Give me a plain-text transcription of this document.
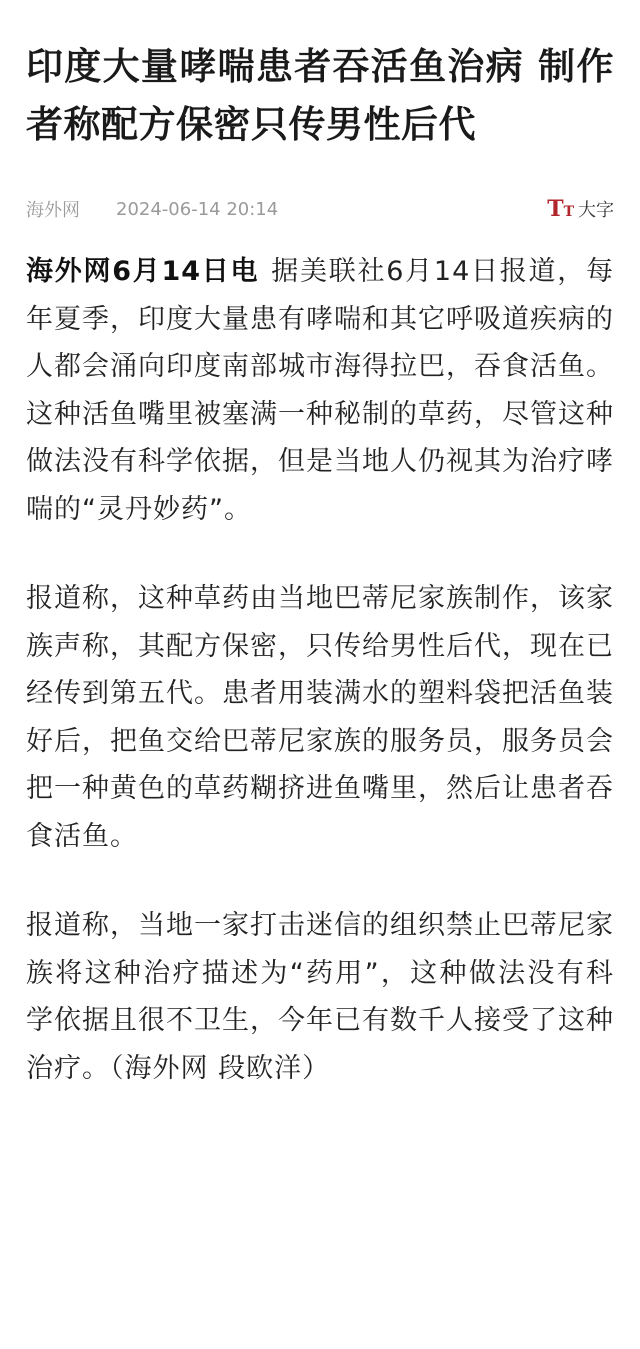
印度大量哮喘患者吞活鱼治病 制作者称配方保密只传男性后代
海外网 2024-06-14 20:14	T T 大字

海外网6月14日电 据美联社6月14日报道，每年夏季，印度大量患有哮喘和其它呼吸道疾病的人都会涌向印度南部城市海得拉巴，吞食活鱼。这种活鱼嘴里被塞满一种秘制的草药，尽管这种做法没有科学依据，但是当地人仍视其为治疗哮喘的“灵丹妙药”。

报道称，这种草药由当地巴蒂尼家族制作，该家族声称，其配方保密，只传给男性后代，现在已经传到第五代。患者用装满水的塑料袋把活鱼装好后，把鱼交给巴蒂尼家族的服务员，服务员会把一种黄色的草药糊挤进鱼嘴里，然后让患者吞食活鱼。

报道称，当地一家打击迷信的组织禁止巴蒂尼家族将这种治疗描述为“药用”，这种做法没有科学依据且很不卫生，今年已有数千人接受了这种治疗。（海外网 段欧洋）
